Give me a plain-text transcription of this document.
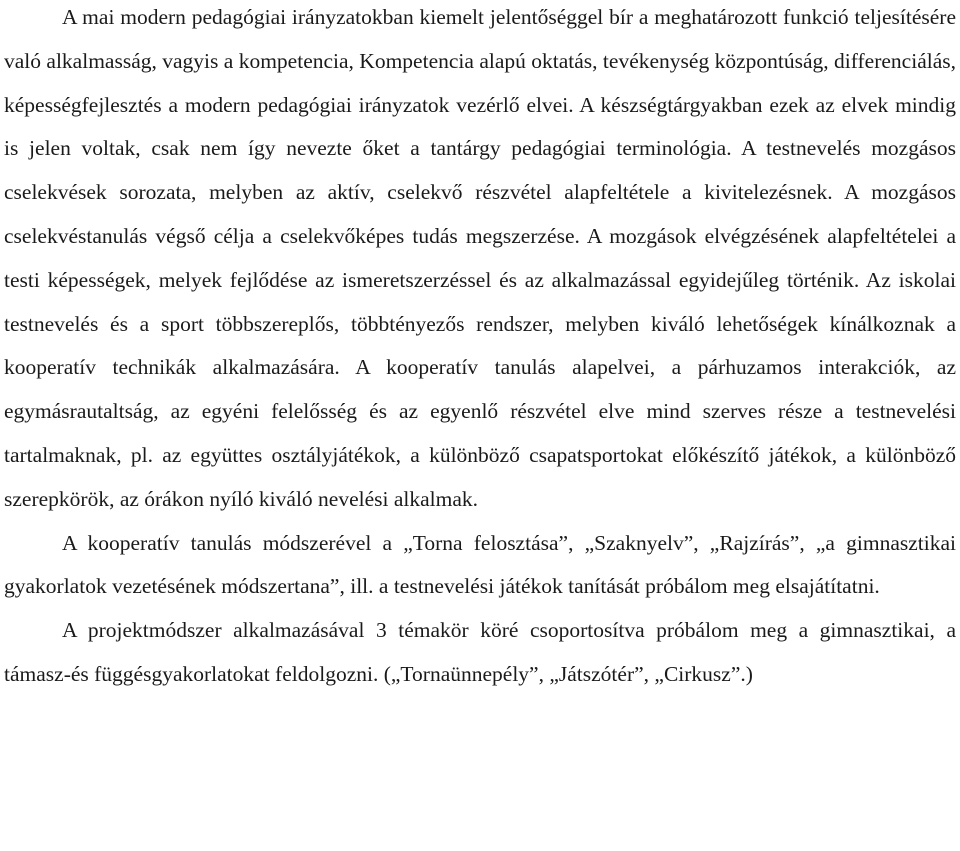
A mai modern pedagógiai irányzatokban kiemelt jelentőséggel bír a meghatározott funkció teljesítésére való alkalmasság, vagyis a kompetencia, Kompetencia alapú oktatás, tevékenység központúság, differenciálás, képességfejlesztés a modern pedagógiai irányzatok vezérlő elvei. A készségtárgyakban ezek az elvek mindig is jelen voltak, csak nem így nevezte őket a tantárgy pedagógiai terminológia. A testnevelés mozgásos cselekvések sorozata, melyben az aktív, cselekvő részvétel alapfeltétele a kivitelezésnek. A mozgásos cselekvéstanulás végső célja a cselekvőképes tudás megszerzése. A mozgások elvégzésének alapfeltételei a testi képességek, melyek fejlődése az ismeretszerzéssel és az alkalmazással egyidejűleg történik. Az iskolai testnevelés és a sport többszereplős, többtényezős rendszer, melyben kiváló lehetőségek kínálkoznak a kooperatív technikák alkalmazására. A kooperatív tanulás alapelvei, a párhuzamos interakciók, az egymásrautaltság, az egyéni felelősség és az egyenlő részvétel elve mind szerves része a testnevelési tartalmaknak, pl. az együttes osztályjátékok, a különböző csapatsportokat előkészítő játékok, a különböző szerepkörök, az órákon nyíló kiváló nevelési alkalmak.

A kooperatív tanulás módszerével a „Torna felosztása”, „Szaknyelv”, „Rajzírás”, „a gimnasztikai gyakorlatok vezetésének módszertana”, ill. a testnevelési játékok tanítását próbálom meg elsajátítatni.

A projektmódszer alkalmazásával 3 témakör köré csoportosítva próbálom meg a gimnasztikai, a támasz-és függésgyakorlatokat feldolgozni. („Tornaünnepély”, „Játszótér”, „Cirkusz”.)
